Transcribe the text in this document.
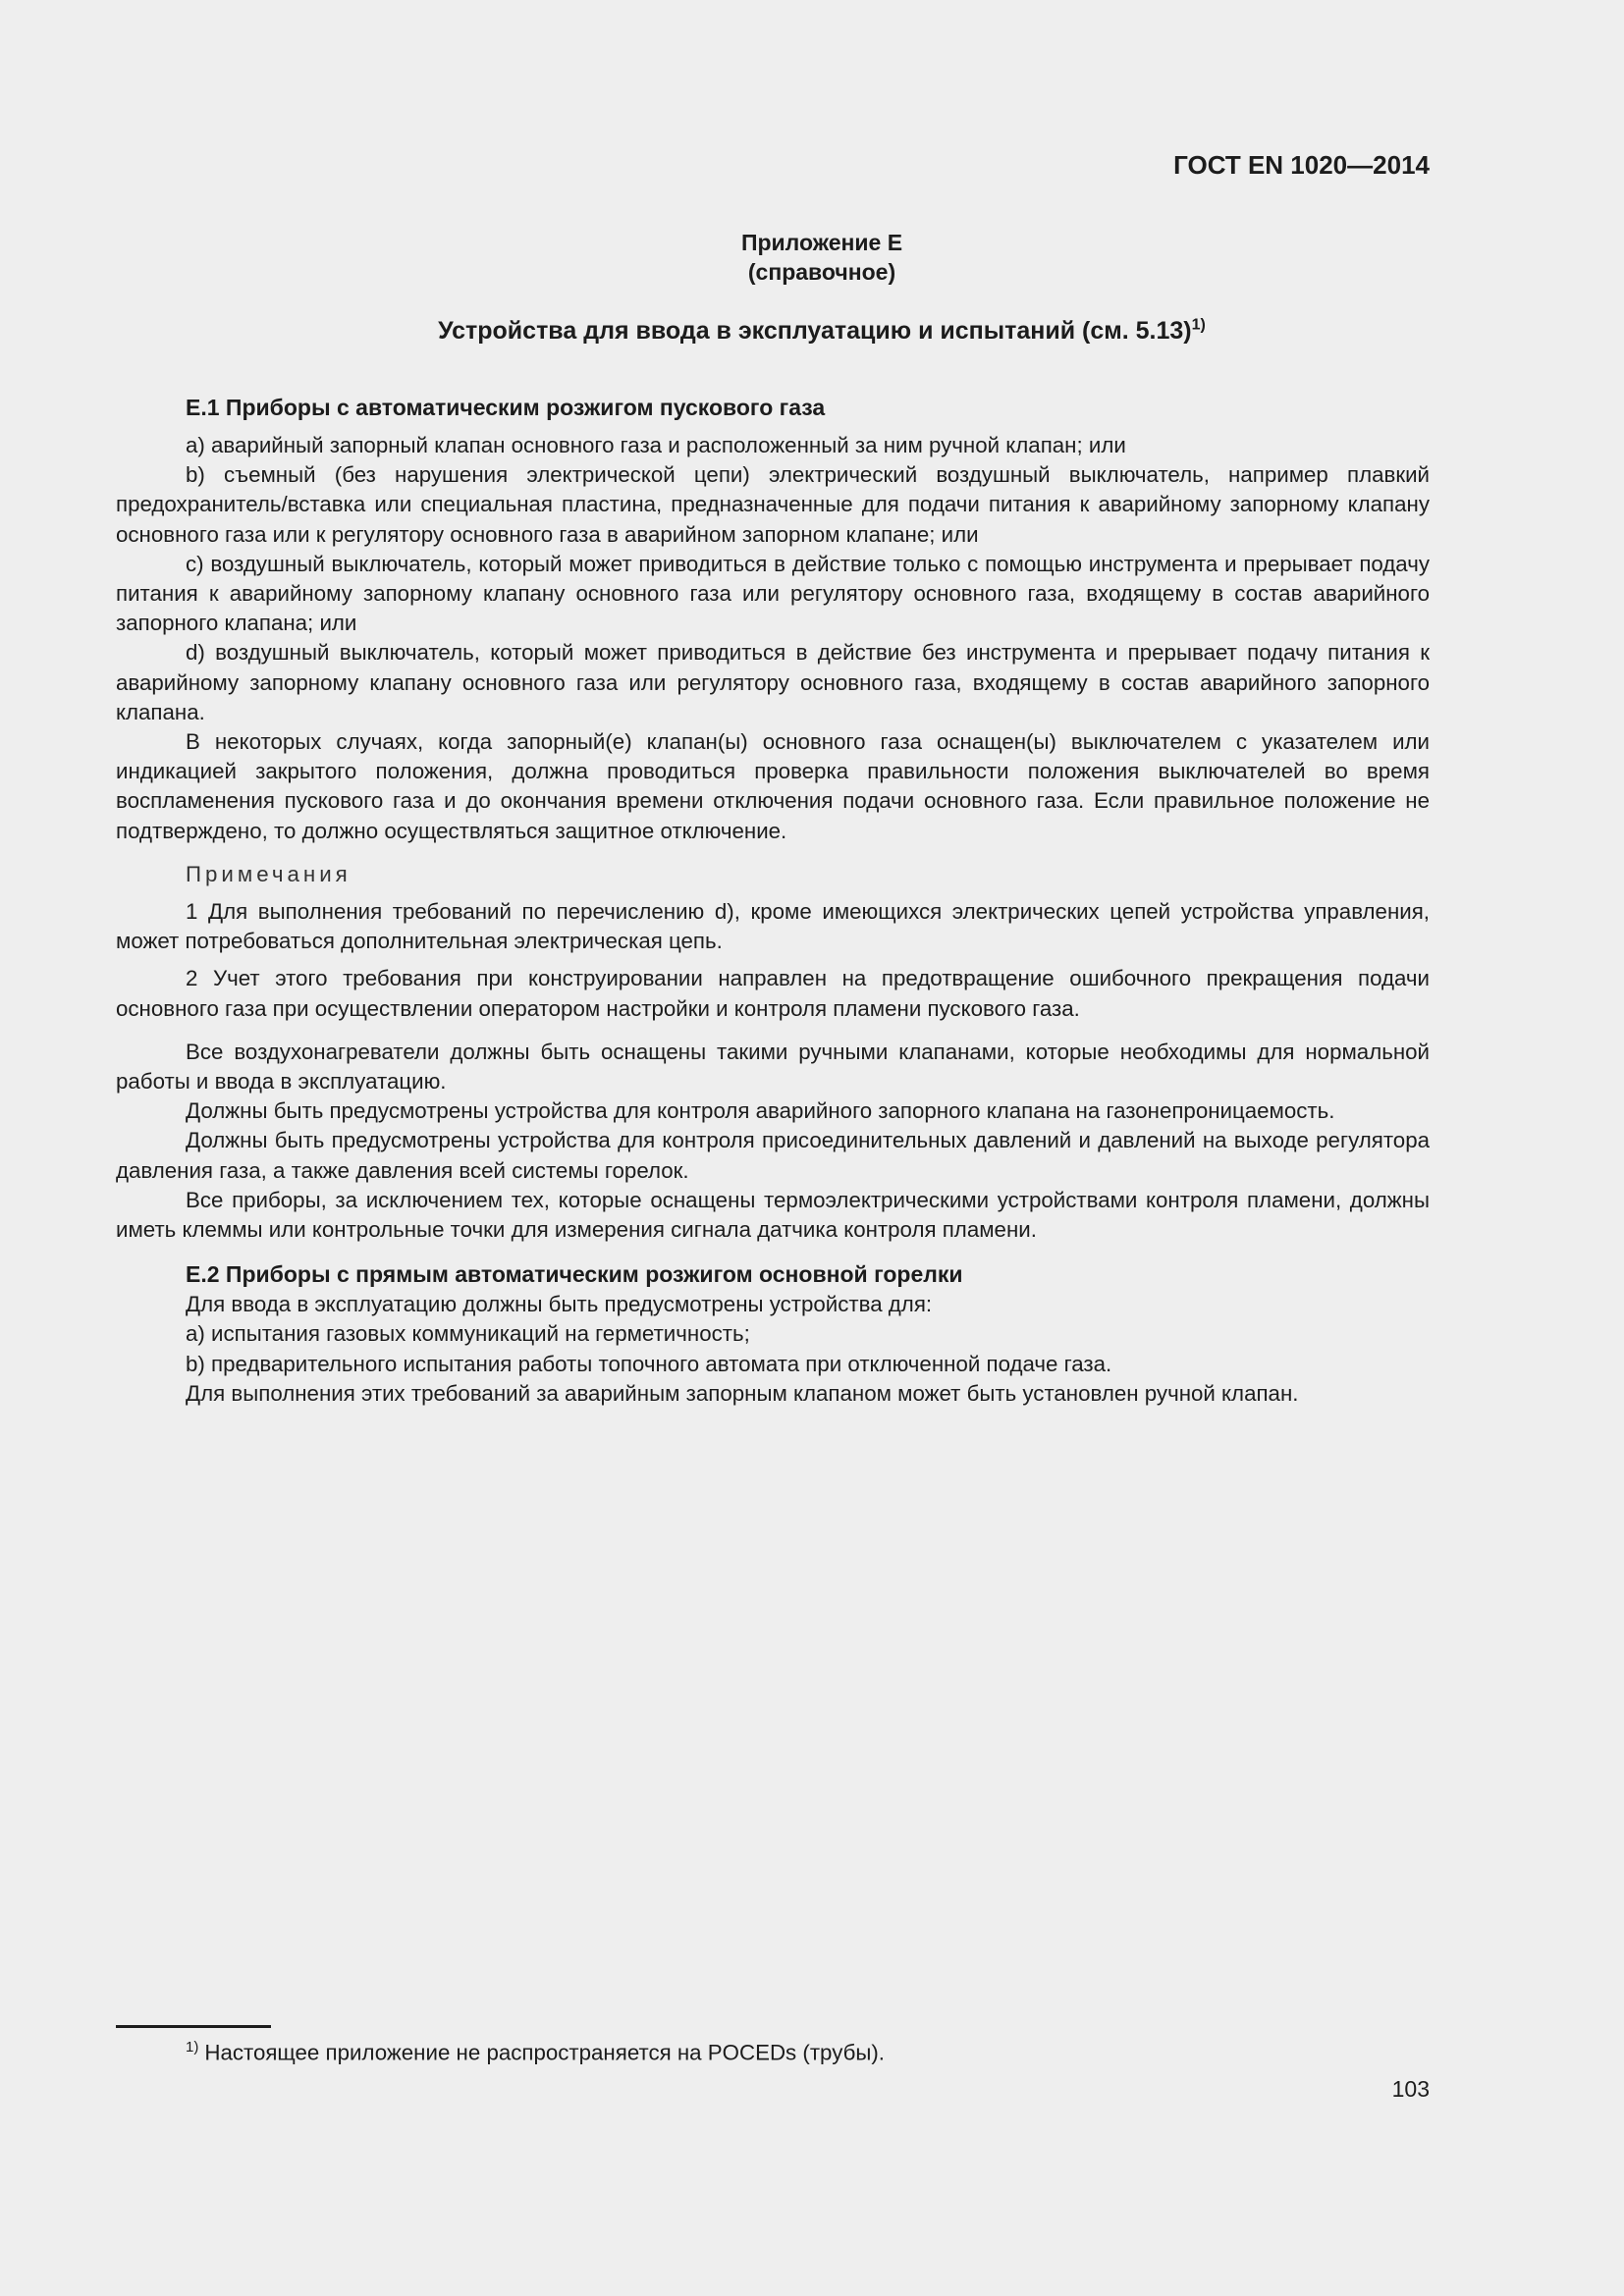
ГОСТ EN 1020—2014
Приложение E
(справочное)
Устройства для ввода в эксплуатацию и испытаний (см. 5.13)$^{1)}$
E.1 Приборы с автоматическим розжигом пускового газа

a) аварийный запорный клапан основного газа и расположенный за ним ручной клапан; или

b) съемный (без нарушения электрической цепи) электрический воздушный выключатель, например плавкий предохранитель/вставка или специальная пластина, предназначенные для подачи питания к аварийному запорному клапану основного газа или к регулятору основного газа в аварийном запорном клапане; или

c) воздушный выключатель, который может приводиться в действие только с помощью инструмента и прерывает подачу питания к аварийному запорному клапану основного газа или регулятору основного газа, входящему в состав аварийного запорного клапана; или

d) воздушный выключатель, который может приводиться в действие без инструмента и прерывает подачу питания к аварийному запорному клапану основного газа или регулятору основного газа, входящему в состав аварийного запорного клапана.

В некоторых случаях, когда запорный(е) клапан(ы) основного газа оснащен(ы) выключателем с указателем или индикацией закрытого положения, должна проводиться проверка правильности положения выключателей во время воспламенения пускового газа и до окончания времени отключения подачи основного газа. Если правильное положение не подтверждено, то должно осуществляться защитное отключение.

Примечания

1 Для выполнения требований по перечислению d), кроме имеющихся электрических цепей устройства управления, может потребоваться дополнительная электрическая цепь.

2 Учет этого требования при конструировании направлен на предотвращение ошибочного прекращения подачи основного газа при осуществлении оператором настройки и контроля пламени пускового газа.

Все воздухонагреватели должны быть оснащены такими ручными клапанами, которые необходимы для нормальной работы и ввода в эксплуатацию.

Должны быть предусмотрены устройства для контроля аварийного запорного клапана на газонепроницаемость.

Должны быть предусмотрены устройства для контроля присоединительных давлений и давлений на выходе регулятора давления газа, а также давления всей системы горелок.

Все приборы, за исключением тех, которые оснащены термоэлектрическими устройствами контроля пламени, должны иметь клеммы или контрольные точки для измерения сигнала датчика контроля пламени.

E.2 Приборы с прямым автоматическим розжигом основной горелки

Для ввода в эксплуатацию должны быть предусмотрены устройства для:

a) испытания газовых коммуникаций на герметичность;

b) предварительного испытания работы топочного автомата при отключенной подаче газа.

Для выполнения этих требований за аварийным запорным клапаном может быть установлен ручной клапан.

$^{1)}$ Настоящее приложение не распространяется на POCEDs (трубы).
103
